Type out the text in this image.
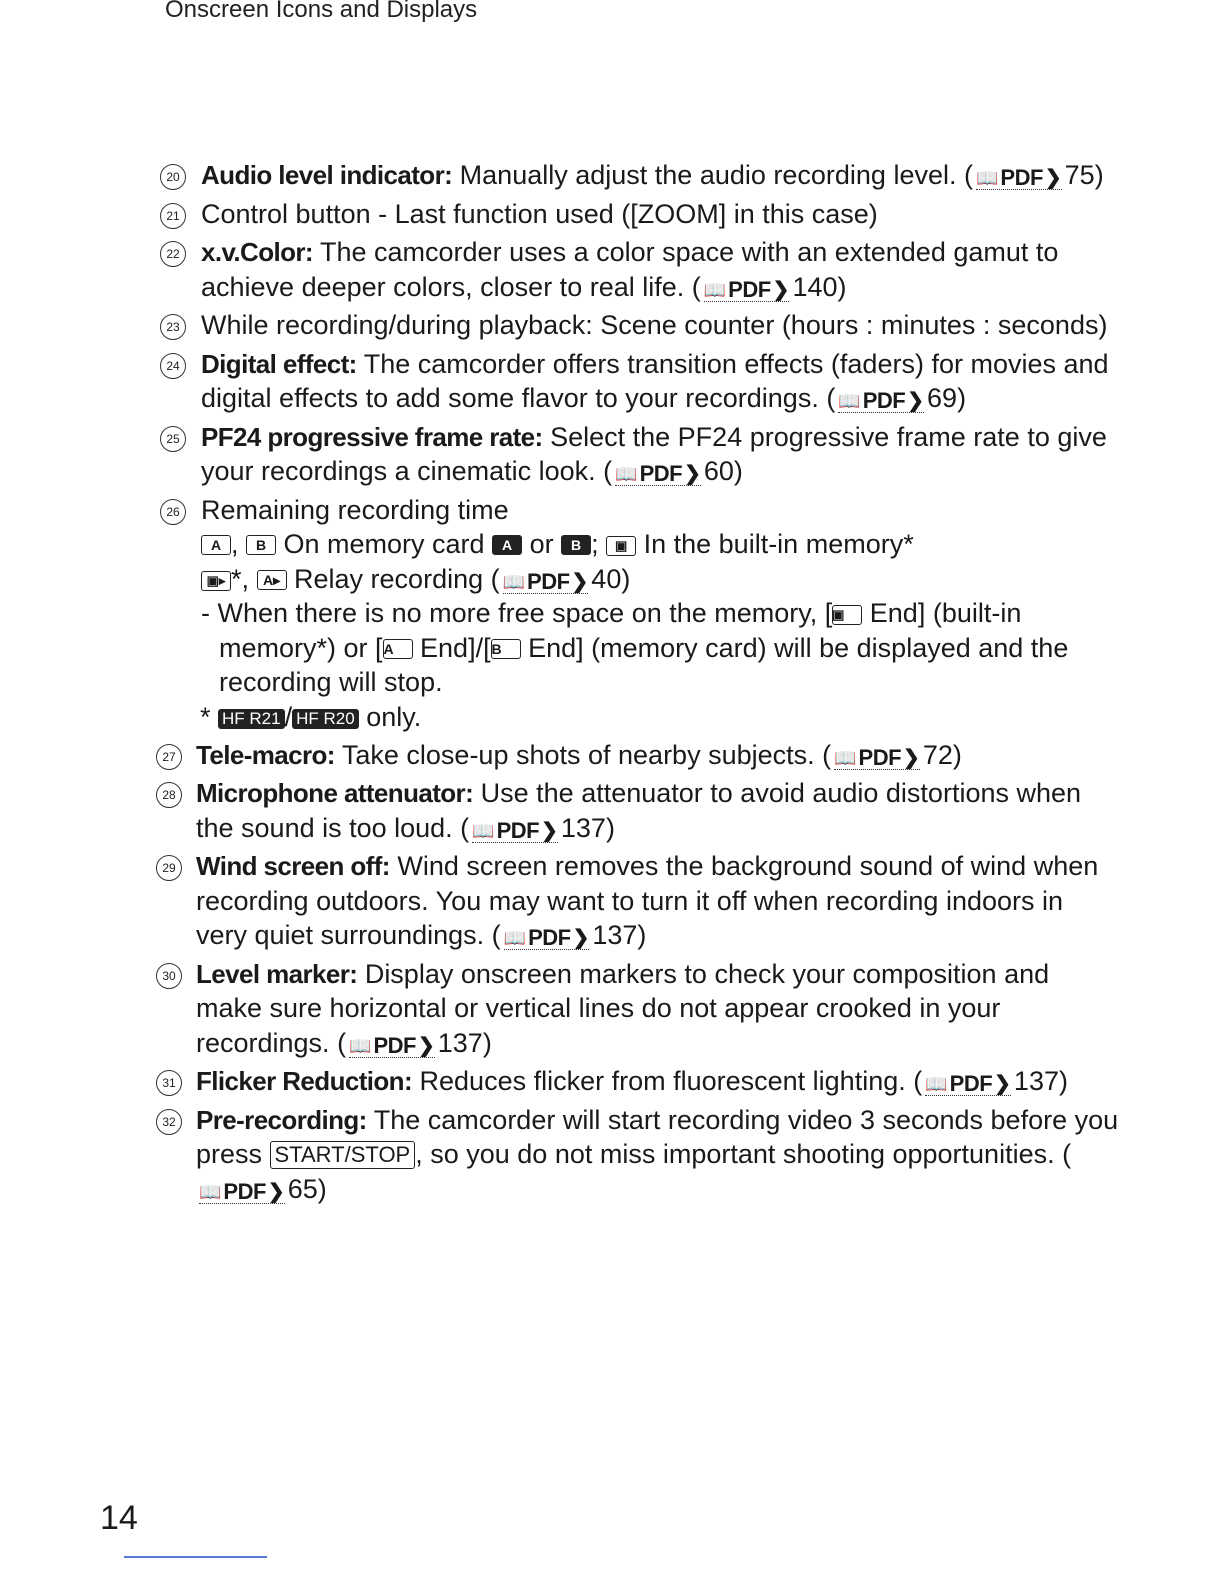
Onscreen Icons and Displays
20 Audio level indicator: Manually adjust the audio recording level. ( 📖 PDF ❯ 75)
21 Control button - Last function used ([ZOOM] in this case)
22 x.v.Color: The camcorder uses a color space with an extended gamut to achieve deeper colors, closer to real life. ( 📖 PDF ❯ 140)
23 While recording/during playback: Scene counter (hours : minutes : seconds)
24 Digital effect: The camcorder offers transition effects (faders) for movies and digital effects to add some flavor to your recordings. ( 📖 PDF ❯ 69)
25 PF24 progressive frame rate: Select the PF24 progressive frame rate to give your recordings a cinematic look. ( 📖 PDF ❯ 60)
26 Remaining recording time
A , B On memory card A or B ; ▣ In the built-in memory*
▣▸ *, A▸ Relay recording ( 📖 PDF ❯ 40)
- When there is no more free space on the memory, [▣ End] (built-in memory*) or [A End]/[B End] (memory card) will be displayed and the recording will stop.
* HF R21 / HF R20 only.
27 Tele-macro: Take close-up shots of nearby subjects. ( 📖 PDF ❯ 72)
28 Microphone attenuator: Use the attenuator to avoid audio distortions when the sound is too loud. ( 📖 PDF ❯ 137)
29 Wind screen off: Wind screen removes the background sound of wind when recording outdoors. You may want to turn it off when recording indoors in very quiet surroundings. ( 📖 PDF ❯ 137)
30 Level marker: Display onscreen markers to check your composition and make sure horizontal or vertical lines do not appear crooked in your recordings. ( 📖 PDF ❯ 137)
31 Flicker Reduction: Reduces flicker from fluorescent lighting. ( 📖 PDF ❯ 137)
32 Pre-recording: The camcorder will start recording video 3 seconds before you press START/STOP , so you do not miss important shooting opportunities. (
📖 PDF ❯ 65)
14
